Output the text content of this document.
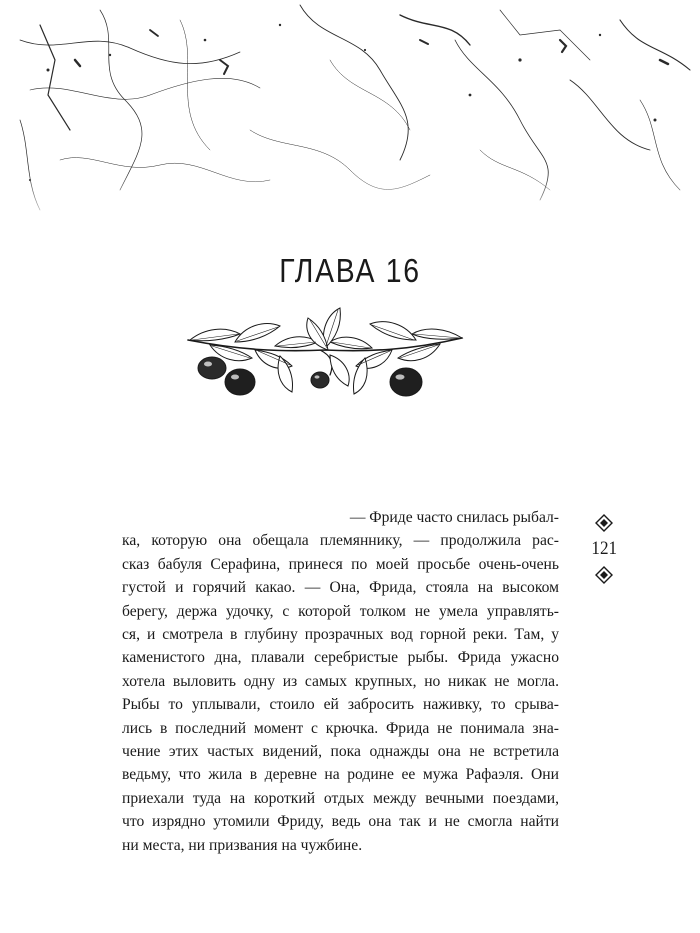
ГЛАВА 16
— Фриде часто снилась рыбал- ка, которую она обещала племяннику, — продолжила рас- сказ бабуля Серафина, принеся по моей просьбе очень-очень густой и горячий какао. — Она, Фрида, стояла на высоком берегу, держа удочку, с которой толком не умела управлять- ся, и смотрела в глубину прозрачных вод горной реки. Там, у каменистого дна, плавали серебристые рыбы. Фрида ужасно хотела выловить одну из самых крупных, но никак не могла. Рыбы то уплывали, стоило ей забросить наживку, то срыва- лись в последний момент с крючка. Фрида не понимала зна- чение этих частых видений, пока однажды она не встретила ведьму, что жила в деревне на родине ее мужа Рафаэля. Они приехали туда на короткий отдых между вечными поездами, что изрядно утомили Фриду, ведь она так и не смогла найти ни места, ни призвания на чужбине.
121
